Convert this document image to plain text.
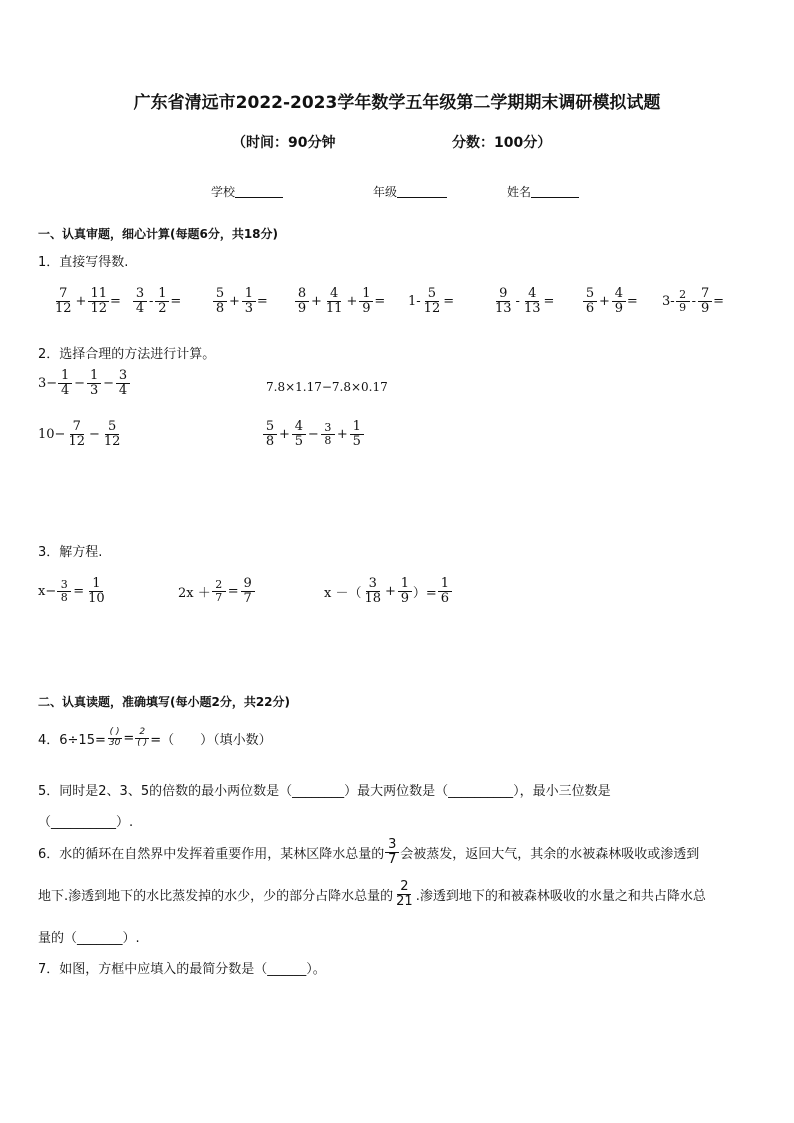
广东省清远市2022-2023学年数学五年级第二学期期末调研模拟试题
（时间：90分钟	分数：100分）
学校	年级	姓名
一、认真审题，细心计算(每题6分，共18分)
1．直接写得数.
$\frac{7}{12} + \frac{11}{12} = \frac{3}{4} - \frac{1}{2} = \frac{5}{8} + \frac{1}{3} = \frac{8}{9} + \frac{4}{11} + \frac{1}{9} = 1- \frac{5}{12}$ =	$\frac{9}{13} - \frac{4}{13} = \frac{5}{6} + \frac{4}{9} = 3- \frac{2}{9} - \frac{7}{9}$ =
2．选择合理的方法进行计算。
$3- \frac{1}{4} - \frac{1}{3} - \frac{3}{4}$	7.8×1.17−7.8×0.17
$10- \frac{7}{12} - \frac{5}{12}$	$\frac{5}{8} + \frac{4}{5} - \frac{3}{8} + \frac{1}{5}$
3．解方程.
$x- \frac{3}{8} = \frac{1}{10}$	$2x + \frac{2}{7} = \frac{9}{7}$	x －（ $\frac{3}{18} + \frac{1}{9}$ ）= $\frac{1}{6}$
二、认真读题，准确填写(每小题2分，共22分)
4．$6\div 15= \frac{( )}{30} = \frac{2}{( )}$ =（　　）（填小数）
5．同时是2、3、5的倍数的最小两位数是（________）最大两位数是（__________），最小三位数是
（__________）.
6．水的循环在自然界中发挥着重要作用，某林区降水总量的 $\frac{3}{7}$ 会被蒸发，返回大气，其余的水被森林吸收或渗透到
地下.渗透到地下的水比蒸发掉的水少，少的部分占降水总量的 $\frac{2}{21}$ .渗透到地下的和被森林吸收的水量之和共占降水总
量的（_______）.
7．如图，方框中应填入的最简分数是（______）。
